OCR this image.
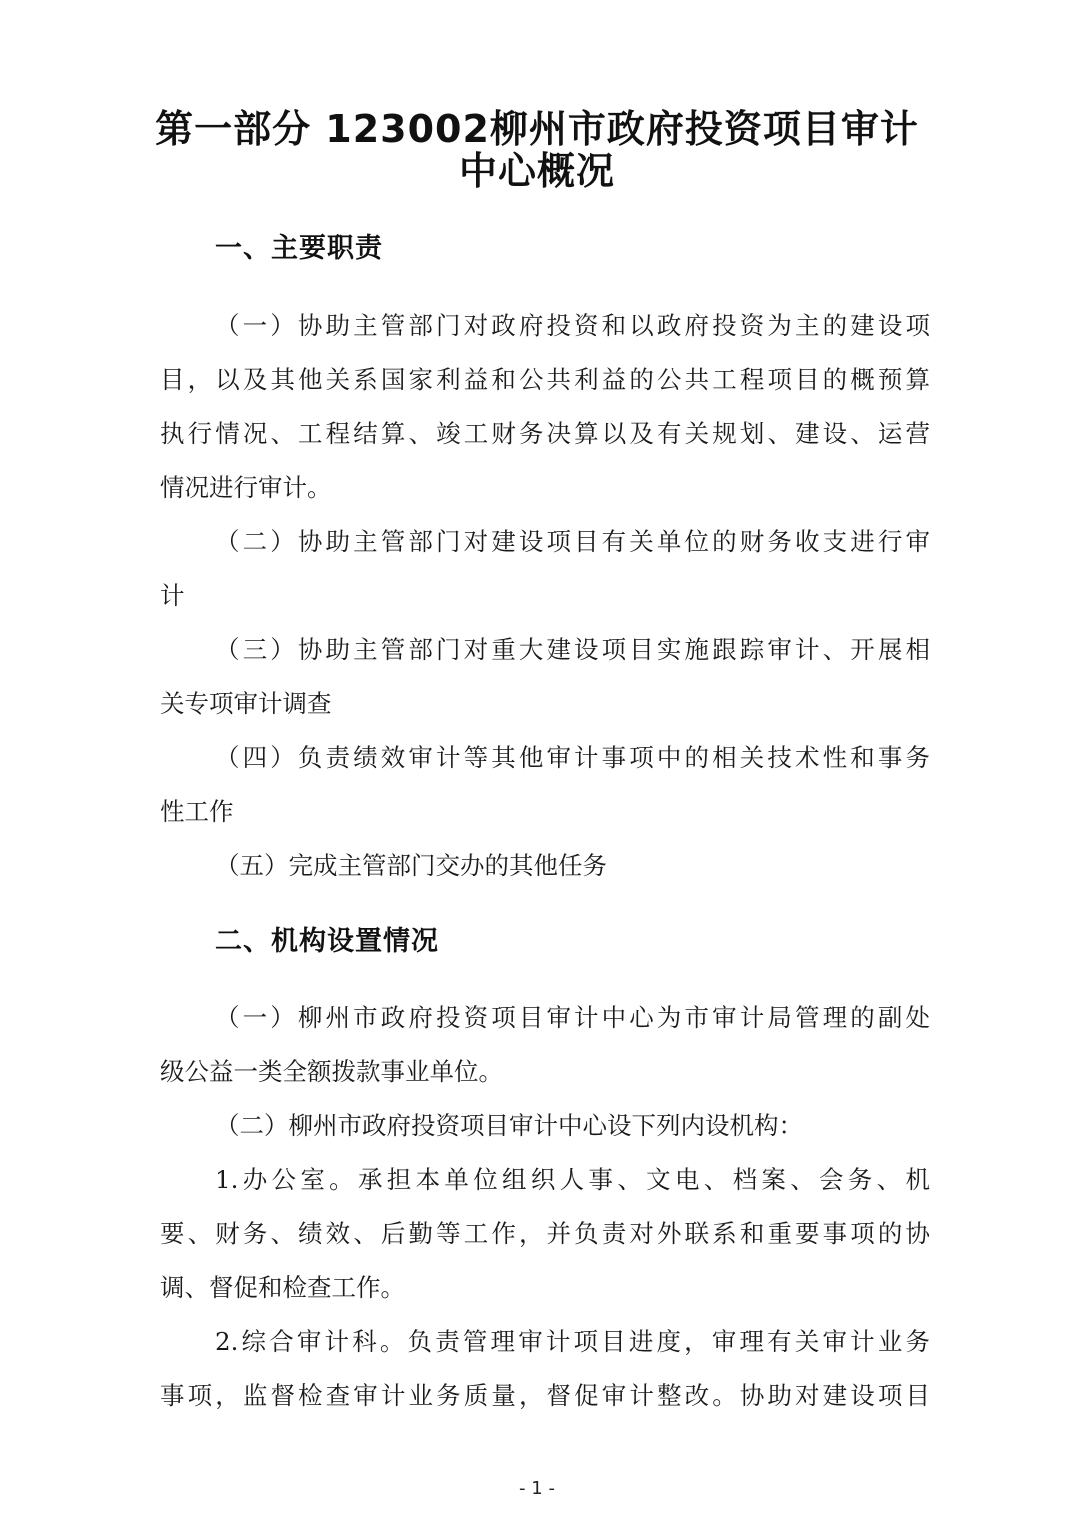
第一部分 123002柳州市政府投资项目审计
中心概况
一、主要职责
（一）协助主管部门对政府投资和以政府投资为主的建设项
目，以及其他关系国家利益和公共利益的公共工程项目的概预算
执行情况、工程结算、竣工财务决算以及有关规划、建设、运营
情况进行审计。
（二）协助主管部门对建设项目有关单位的财务收支进行审
计
（三）协助主管部门对重大建设项目实施跟踪审计、开展相
关专项审计调查
（四）负责绩效审计等其他审计事项中的相关技术性和事务
性工作
（五）完成主管部门交办的其他任务
二、机构设置情况
（一）柳州市政府投资项目审计中心为市审计局管理的副处
级公益一类全额拨款事业单位。
（二）柳州市政府投资项目审计中心设下列内设机构：
1.办公室。承担本单位组织人事、文电、档案、会务、机
要、财务、绩效、后勤等工作，并负责对外联系和重要事项的协
调、督促和检查工作。
2.综合审计科。负责管理审计项目进度，审理有关审计业务
事项，监督检查审计业务质量，督促审计整改。协助对建设项目
- 1 -
